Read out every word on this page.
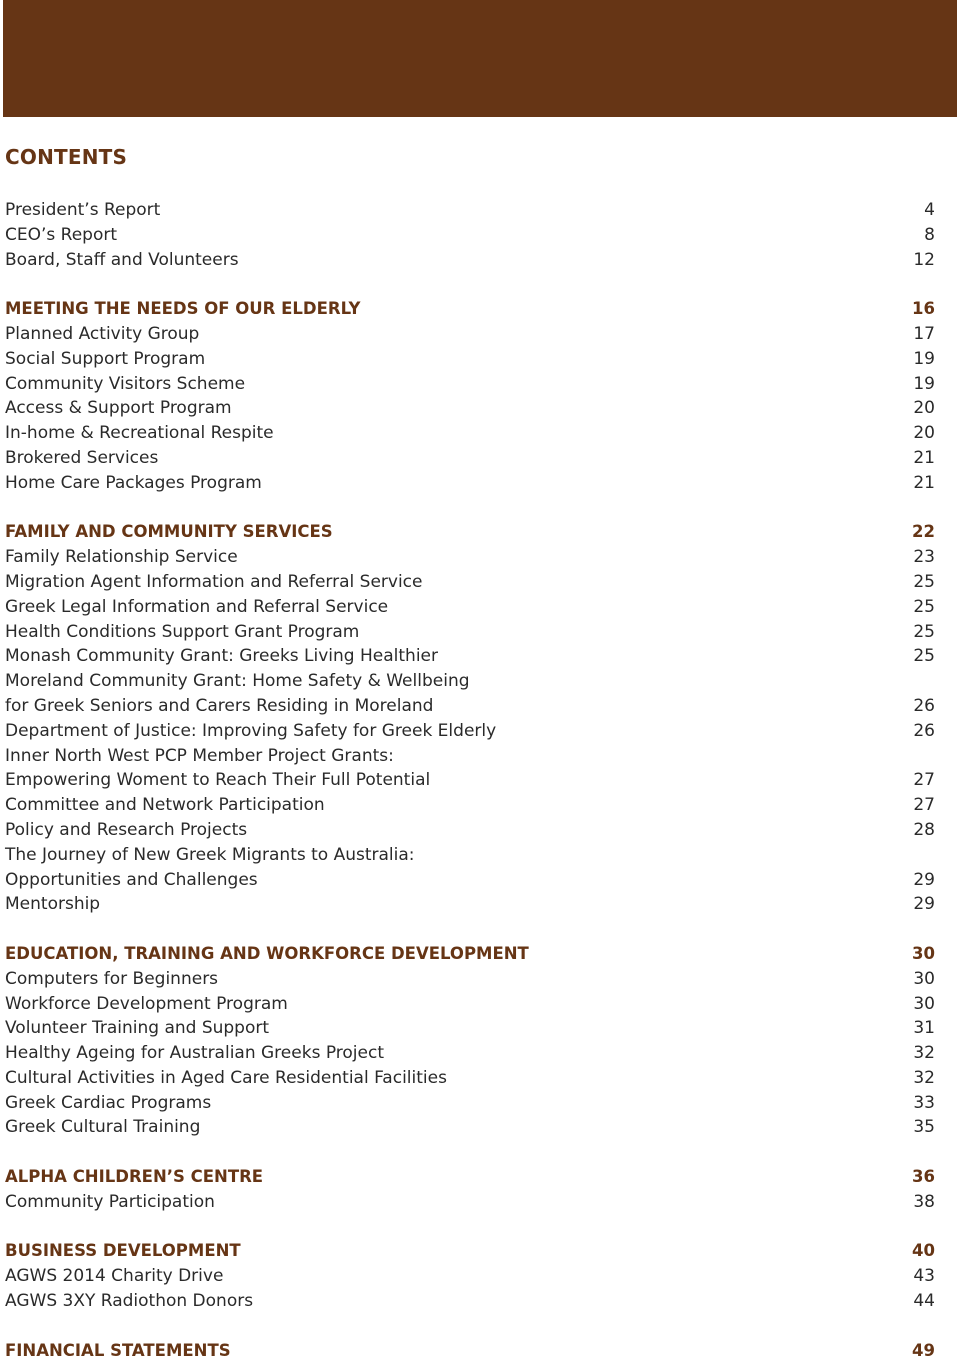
CONTENTS
President’s Report	4
CEO’s Report	8
Board, Staff and Volunteers	12
MEETING THE NEEDS OF OUR ELDERLY	16
Planned Activity Group	17
Social Support Program	19
Community Visitors Scheme	19
Access & Support Program	20
In-home & Recreational Respite	20
Brokered Services	21
Home Care Packages Program	21
FAMILY AND COMMUNITY SERVICES	22
Family Relationship Service	23
Migration Agent Information and Referral Service	25
Greek Legal Information and Referral Service	25
Health Conditions Support Grant Program	25
Monash Community Grant: Greeks Living Healthier	25
Moreland Community Grant: Home Safety & Wellbeing
for Greek Seniors and Carers Residing in Moreland	26
Department of Justice: Improving Safety for Greek Elderly	26
Inner North West PCP Member Project Grants:
Empowering Woment to Reach Their Full Potential	27
Committee and Network Participation	27
Policy and Research Projects	28
The Journey of New Greek Migrants to Australia:
Opportunities and Challenges	29
Mentorship	29
EDUCATION, TRAINING AND WORKFORCE DEVELOPMENT	30
Computers for Beginners	30
Workforce Development Program	30
Volunteer Training and Support	31
Healthy Ageing for Australian Greeks Project	32
Cultural Activities in Aged Care Residential Facilities	32
Greek Cardiac Programs	33
Greek Cultural Training	35
ALPHA CHILDREN’S CENTRE	36
Community Participation	38
BUSINESS DEVELOPMENT	40
AGWS 2014 Charity Drive	43
AGWS 3XY Radiothon Donors	44
FINANCIAL STATEMENTS	49
